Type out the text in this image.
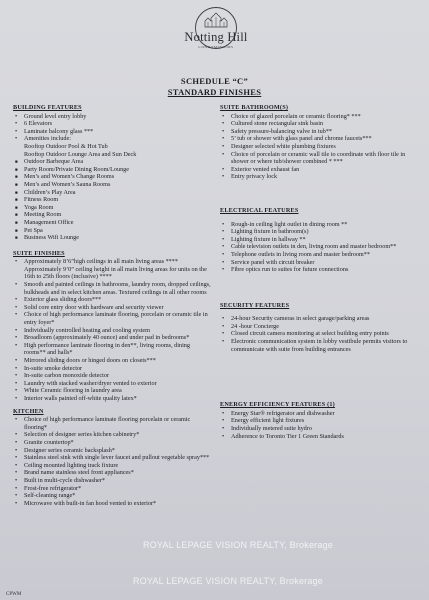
Notting Hill
CONDOMINIUMS
SCHEDULE “C”
STANDARD FINISHES
BUILDING FEATURES
• Ground level entry lobby
• 6 Elevators
• Laminate balcony glass ***
• Amenities include:
Rooftop Outdoor Pool & Hot Tub
Rooftop Outdoor Lounge Area and Sun Deck
■ Outdoor Barbeque Area
■ Party Room/Private Dining Room/Lounge
■ Men’s and Women’s Change Rooms
■ Men’s and Women’s Sauna Rooms
■ Children’s Play Area
■ Fitness Room
■ Yoga Room
■ Meeting Room
■ Management Office
■ Pet Spa
■ Business Wifi Lounge
SUITE FINISHES
• Approximately 8’6”high ceilings in all main living areas ****
Approximately 9’0” ceiling height in all main living areas for units on the 16th to 25th floors (inclusive) ****
• Smooth and painted ceilings in bathrooms, laundry room, dropped ceilings, bulkheads and in select kitchen areas. Textured ceilings in all other rooms
• Exterior glass sliding doors***
• Solid core entry door with hardware and security viewer
• Choice of high performance laminate flooring, porcelain or ceramic tile in entry foyer*
• Individually controlled heating and cooling system
• Broadloom (approximately 40 ounce) and under pad in bedrooms*
• High performance laminate flooring in den**, living rooms, dining rooms** and halls*
• Mirrored sliding doors or hinged doors on closets***
• In-suite smoke detector
• In-suite carbon monoxide detector
• Laundry with stacked washer/dryer vented to exterior
• White Ceramic flooring in laundry area
• Interior walls painted off-white quality latex*
KITCHEN
• Choice of high performance laminate flooring porcelain or ceramic flooring*
• Selection of designer series kitchen cabinetry*
• Granite countertop*
• Designer series ceramic backsplash*
• Stainless steel sink with single lever faucet and pullout vegetable spray***
• Ceiling mounted lighting track fixture
• Brand name stainless steel front appliances*
• Built in multi-cycle dishwasher*
• Frost-free refrigerator*
• Self-cleaning range*
• Microwave with built-in fan hood vented to exterior*
SUITE BATHROOM(S)
• Choice of glazed porcelain or ceramic flooring* ***
• Cultured stone rectangular sink basin
• Safety pressure-balancing valve in tub**
• 5’ tub or shower with glass panel and chrome faucets***
• Designer selected white plumbing fixtures
• Choice of porcelain or ceramic wall tile to coordinate with floor tile in shower or where tub/shower combined * ***
• Exterior vented exhaust fan
• Entry privacy lock
ELECTRICAL FEATURES
• Rough-in ceiling light outlet in dining room **
• Lighting fixture in bathroom(s)
• Lighting fixture in hallway **
• Cable television outlets in den, living room and master bedroom**
• Telephone outlets in living room and master bedroom**
• Service panel with circuit breaker
• Fibre optics run to suites for future connections
SECURITY FEATURES
• 24-hour Security cameras in select garage/parking areas
• 24 -hour Concierge
• Closed circuit camera monitoring at select building entry points
• Electronic communication system in lobby vestibule permits visitors to communicate with suite from building entrances
ENERGY EFFICIENCY FEATURES (1)
• Energy Star® refrigerator and dishwasher
• Energy efficient light fixtures
• Individually metered suite hydro
• Adherence to Toronto Tier 1 Green Standards
ROYAL LEPAGE VISION REALTY, Brokerage
ROYAL LEPAGE VISION REALTY, Brokerage
CPWM
